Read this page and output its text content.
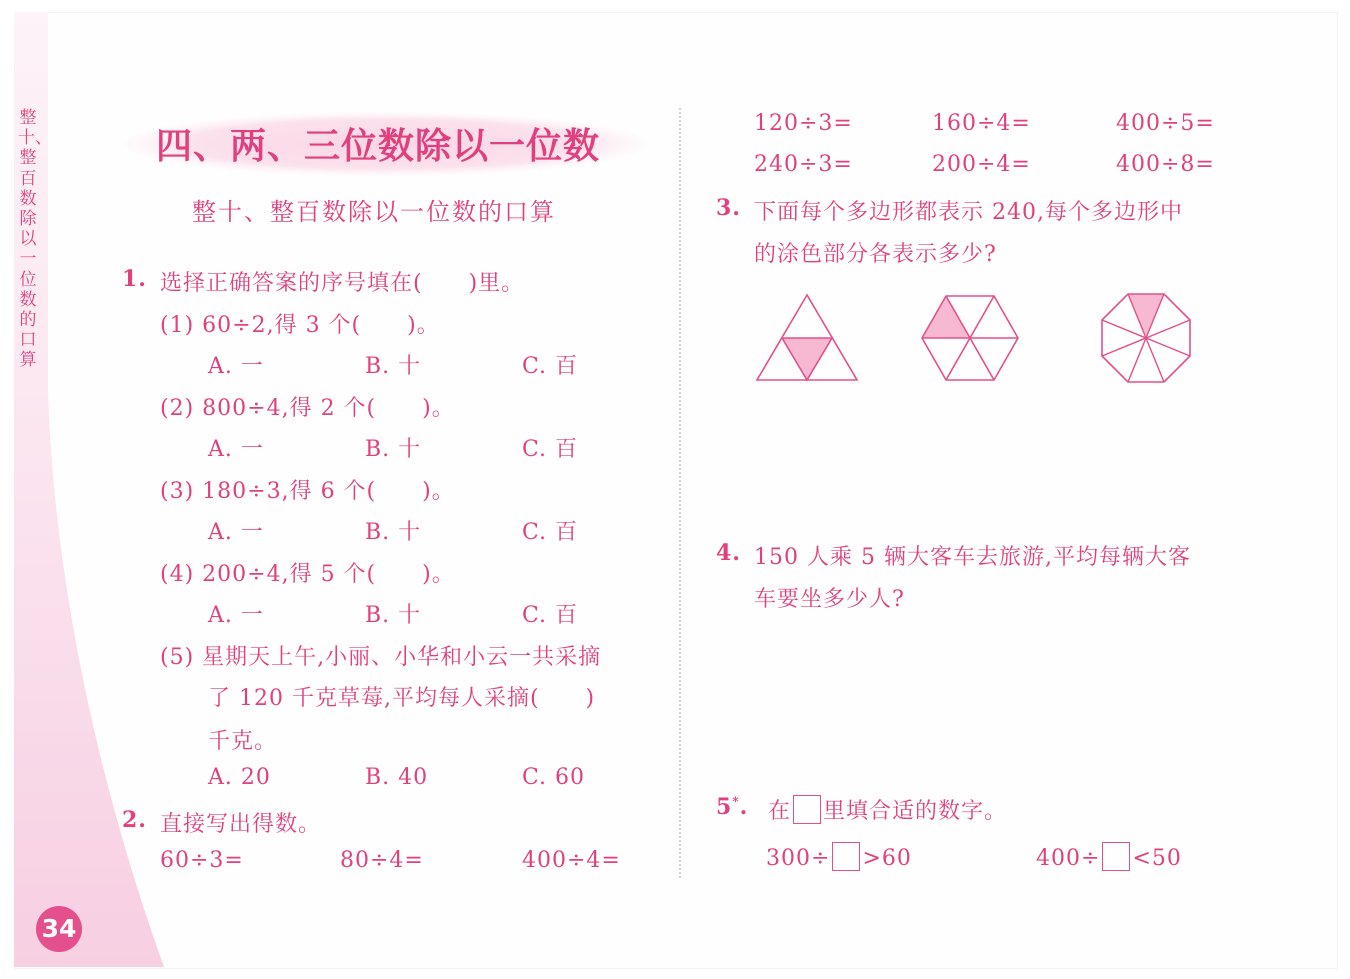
整十、整百数除以一位数的口算
34
四、两、三位数除以一位数
整十、整百数除以一位数的口算
1. 选择正确答案的序号填在(　　)里。
(1) 60÷2,得 3 个(　　)。
A. 一	B. 十	C. 百
(2) 800÷4,得 2 个(　　)。
A. 一	B. 十	C. 百
(3) 180÷3,得 6 个(　　)。
A. 一	B. 十	C. 百
(4) 200÷4,得 5 个(　　)。
A. 一	B. 十	C. 百
(5) 星期天上午,小丽、小华和小云一共采摘
了 120 千克草莓,平均每人采摘(　　)
千克。
A. 20	B. 40	C. 60
2. 直接写出得数。
60÷3=	80÷4=	400÷4=
120÷3=	160÷4=	400÷5=
240÷3=	200÷4=	400÷8=
3. 下面每个多边形都表示 240,每个多边形中
的涂色部分各表示多少?
4. 150 人乘 5 辆大客车去旅游,平均每辆大客
车要坐多少人?
5*. 在 里填合适的数字。
300÷ >60	400÷ <50
